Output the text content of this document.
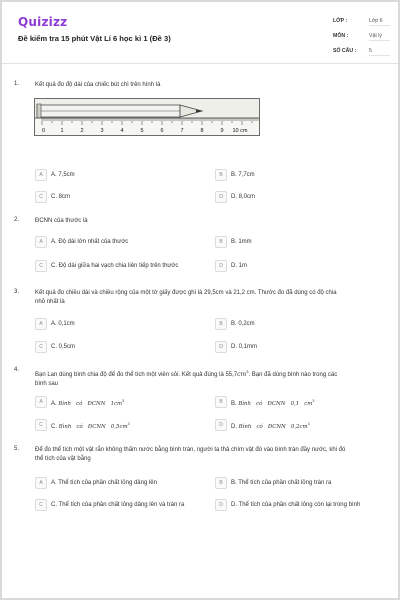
Quizizz
Đề kiểm tra 15 phút Vật Lí 6 học kì 1 (Đề 3)
LỚP :	Lớp 6
MÔN :	Vật lý
SỐ CÂU : 5
1.	Kết quả đo độ dài của chiếc bút chì trên hình là
0	1	2	3	4	5	6	7	8	9 10 cm
A	A. 7,5cm	B	B. 7,7cm
C	C. 8cm	D	D. 8,0cm
2.	ĐCNN của thước là
A	A. Độ dài lớn nhất của thước	B	B. 1mm
C	C. Độ dài giữa hai vạch chia liên tiếp trên thước	D	D. 1m
3.	Kết quả đo chiều dài và chiều rộng của một tờ giấy được ghi là 29,5cm và 21,2 cm. Thước đo đã dùng có độ chia
nhỏ nhất là
A	A. 0,1cm	B	B. 0,2cm
C	C. 0,5cm	D	D. 0,1mm
4.
Bạn Lan dùng bình chia độ để đo thể tích một viên sỏi. Kết quả đúng là $55,7cm^3$. Bạn đã dùng bình nào trong các
bình sau
A	A. Bình   có   ĐCNN   $1cm^3$	B	B. Bình   có   ĐCNN   0,1   $cm^3$
C	C. Bình   có   ĐCNN   $0,5cm^3$	D	D. Bình   có   ĐCNN   $0,2cm^3$
5.	Để đo thể tích một vật rắn không thấm nước bằng bình tràn, người ta thả chìm vật đó vào bình tràn đầy nước, khi đó
thể tích của vật bằng
A	A. Thể tích của phần chất lỏng dâng lên	B	B. Thể tích của phần chất lỏng tràn ra
C	C. Thể tích của phần chất lỏng dâng lên và tràn ra	D	D. Thể tích của phần chất lỏng còn lại trong bình
